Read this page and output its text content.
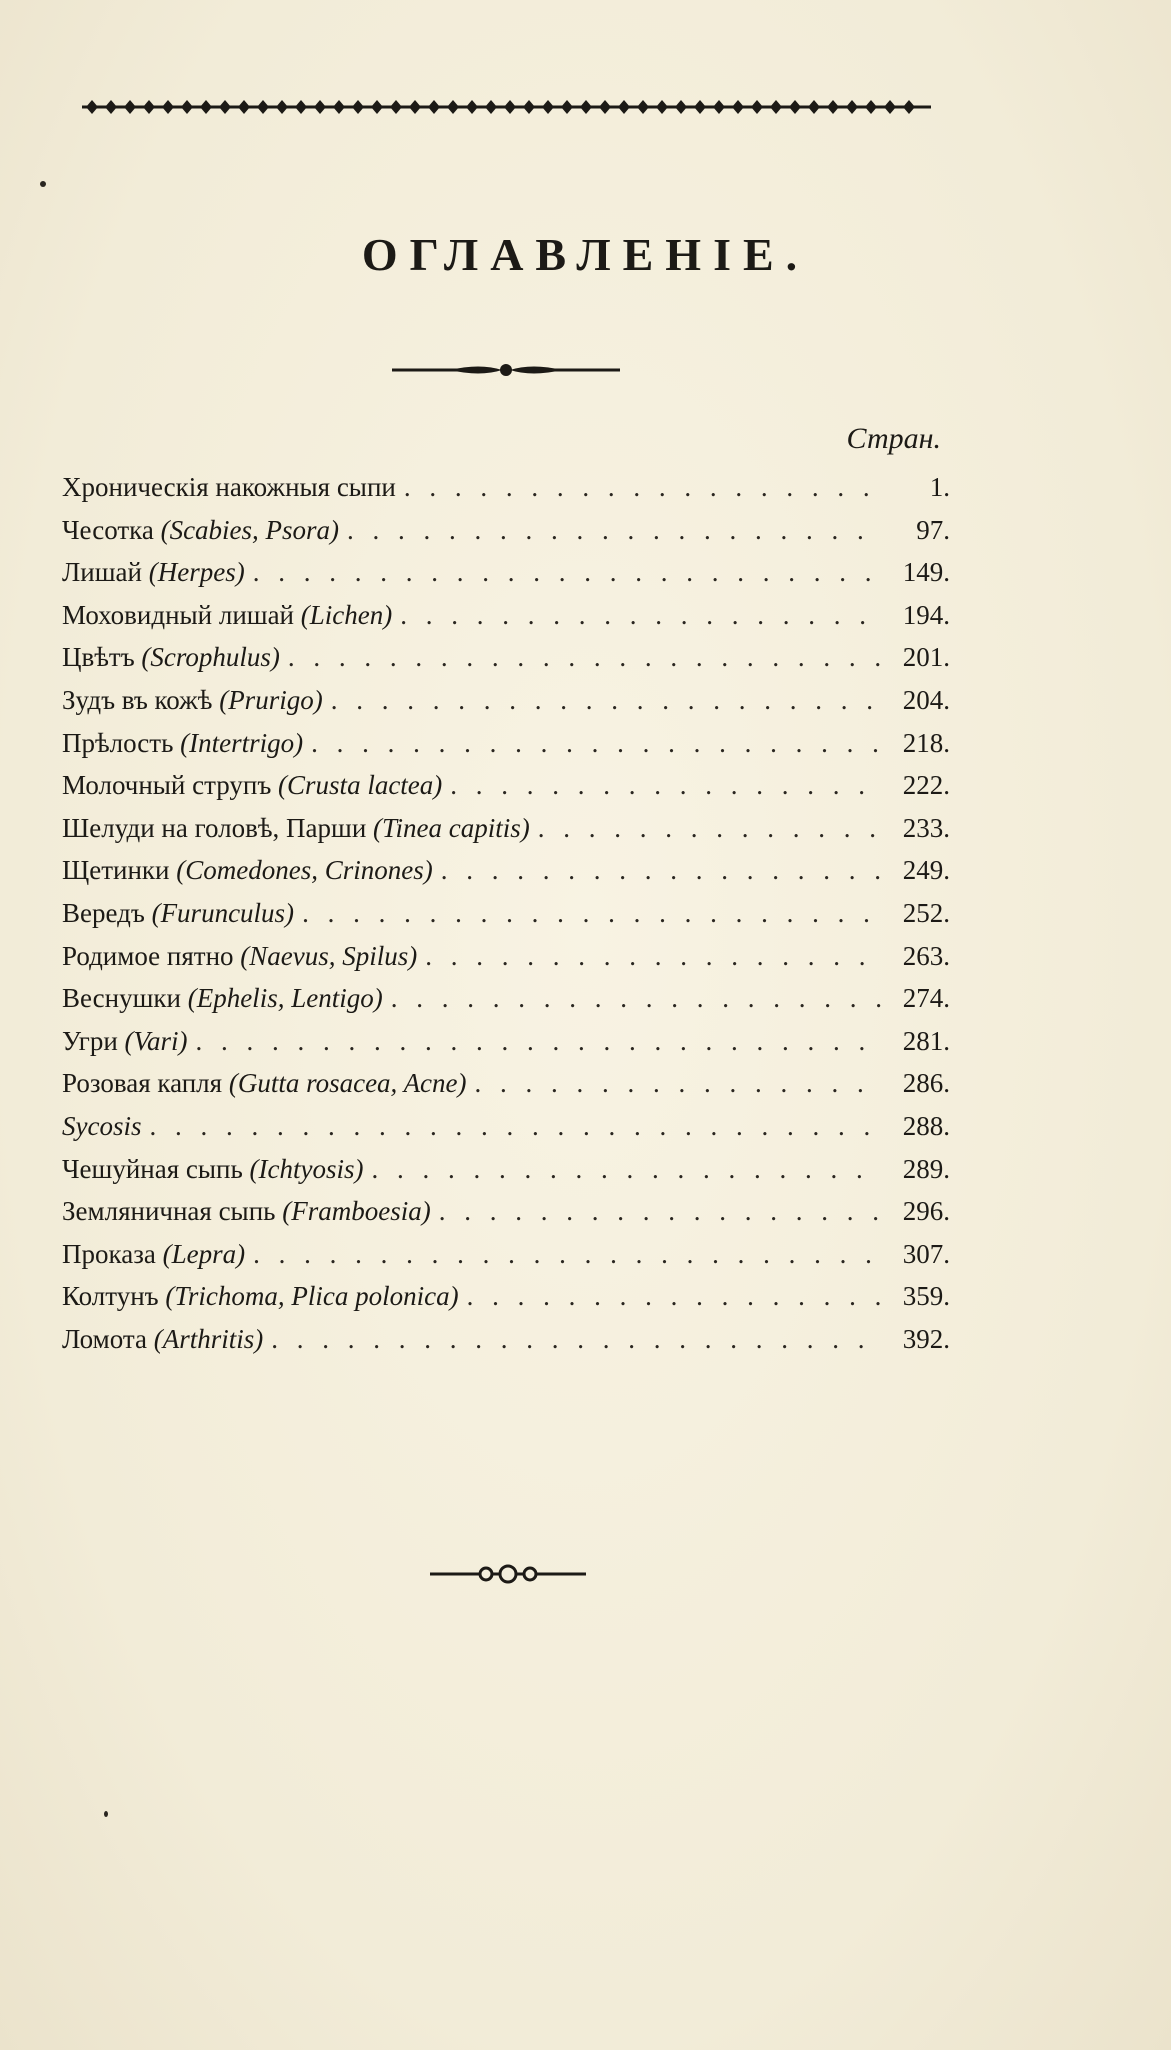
ОГЛАВЛЕНІЕ.
Стран.
Хроническія накожныя сыпи . . .	1.
Чесотка (Scabies, Psora) . . .	97.
Лишай (Herpes) . . .	149.
Моховидный лишай (Lichen) . . .	194.
Цвѣтъ (Scrophulus) . . .	201.
Зудъ въ кожѣ (Prurigo) . . .	204.
Прѣлость (Intertrigo) . . .	218.
Молочный струпъ (Crusta lactea) . . .	222.
Шелуди на головѣ, Парши (Tinea capitis) . . .	233.
Щетинки (Comedones, Crinones) . . .	249.
Вередъ (Furunculus) . . .	252.
Родимое пятно (Naevus, Spilus) . . .	263.
Веснушки (Ephelis, Lentigo) . . .	274.
Угри (Vari) . . .	281.
Розовая капля (Gutta rosacea, Acne) . . .	286.
Sycosis . . .	288.
Чешуйная сыпь (Ichtyosis) . . .	289.
Земляничная сыпь (Framboesia) . . .	296.
Проказа (Lepra) . . .	307.
Колтунъ (Trichoma, Plica polonica) . . .	359.
Ломота (Arthritis) . . .	392.
